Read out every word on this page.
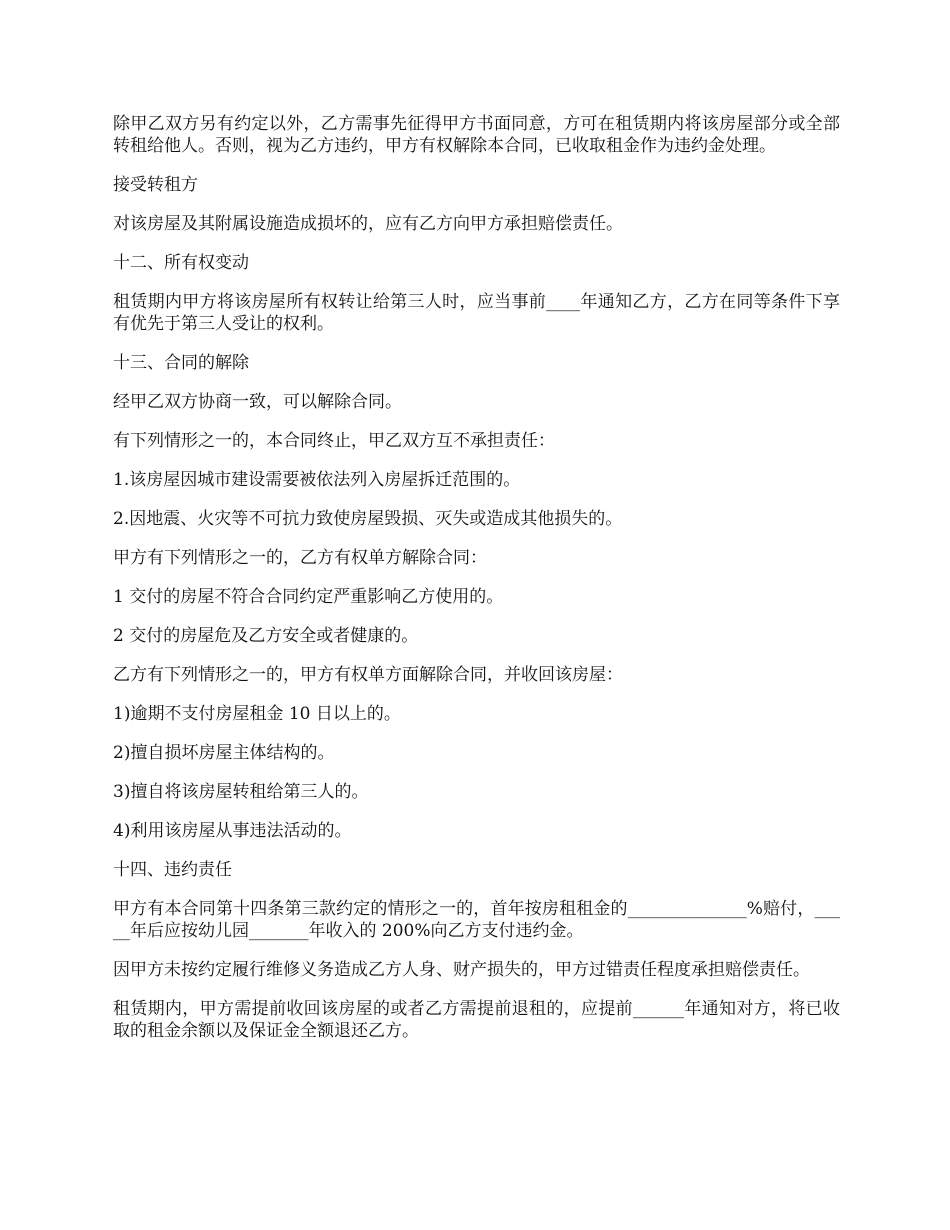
除甲乙双方另有约定以外，乙方需事先征得甲方书面同意，方可在租赁期内将该房屋部分或全部转租给他人。否则，视为乙方违约，甲方有权解除本合同，已收取租金作为违约金处理。

接受转租方

对该房屋及其附属设施造成损坏的，应有乙方向甲方承担赔偿责任。

十二、所有权变动

租赁期内甲方将该房屋所有权转让给第三人时，应当事前____年通知乙方，乙方在同等条件下享有优先于第三人受让的权利。

十三、合同的解除

经甲乙双方协商一致，可以解除合同。

有下列情形之一的，本合同终止，甲乙双方互不承担责任：

1.该房屋因城市建设需要被依法列入房屋拆迁范围的。

2.因地震、火灾等不可抗力致使房屋毁损、灭失或造成其他损失的。

甲方有下列情形之一的，乙方有权单方解除合同：

1 交付的房屋不符合合同约定严重影响乙方使用的。

2 交付的房屋危及乙方安全或者健康的。

乙方有下列情形之一的，甲方有权单方面解除合同，并收回该房屋：

1)逾期不支付房屋租金 10 日以上的。

2)擅自损坏房屋主体结构的。

3)擅自将该房屋转租给第三人的。

4)利用该房屋从事违法活动的。

十四、违约责任

甲方有本合同第十四条第三款约定的情形之一的，首年按房租租金的______________%赔付，_____年后应按幼儿园_______年收入的 200%向乙方支付违约金。

因甲方未按约定履行维修义务造成乙方人身、财产损失的，甲方过错责任程度承担赔偿责任。

租赁期内，甲方需提前收回该房屋的或者乙方需提前退租的，应提前______年通知对方，将已收取的租金余额以及保证金全额退还乙方。
